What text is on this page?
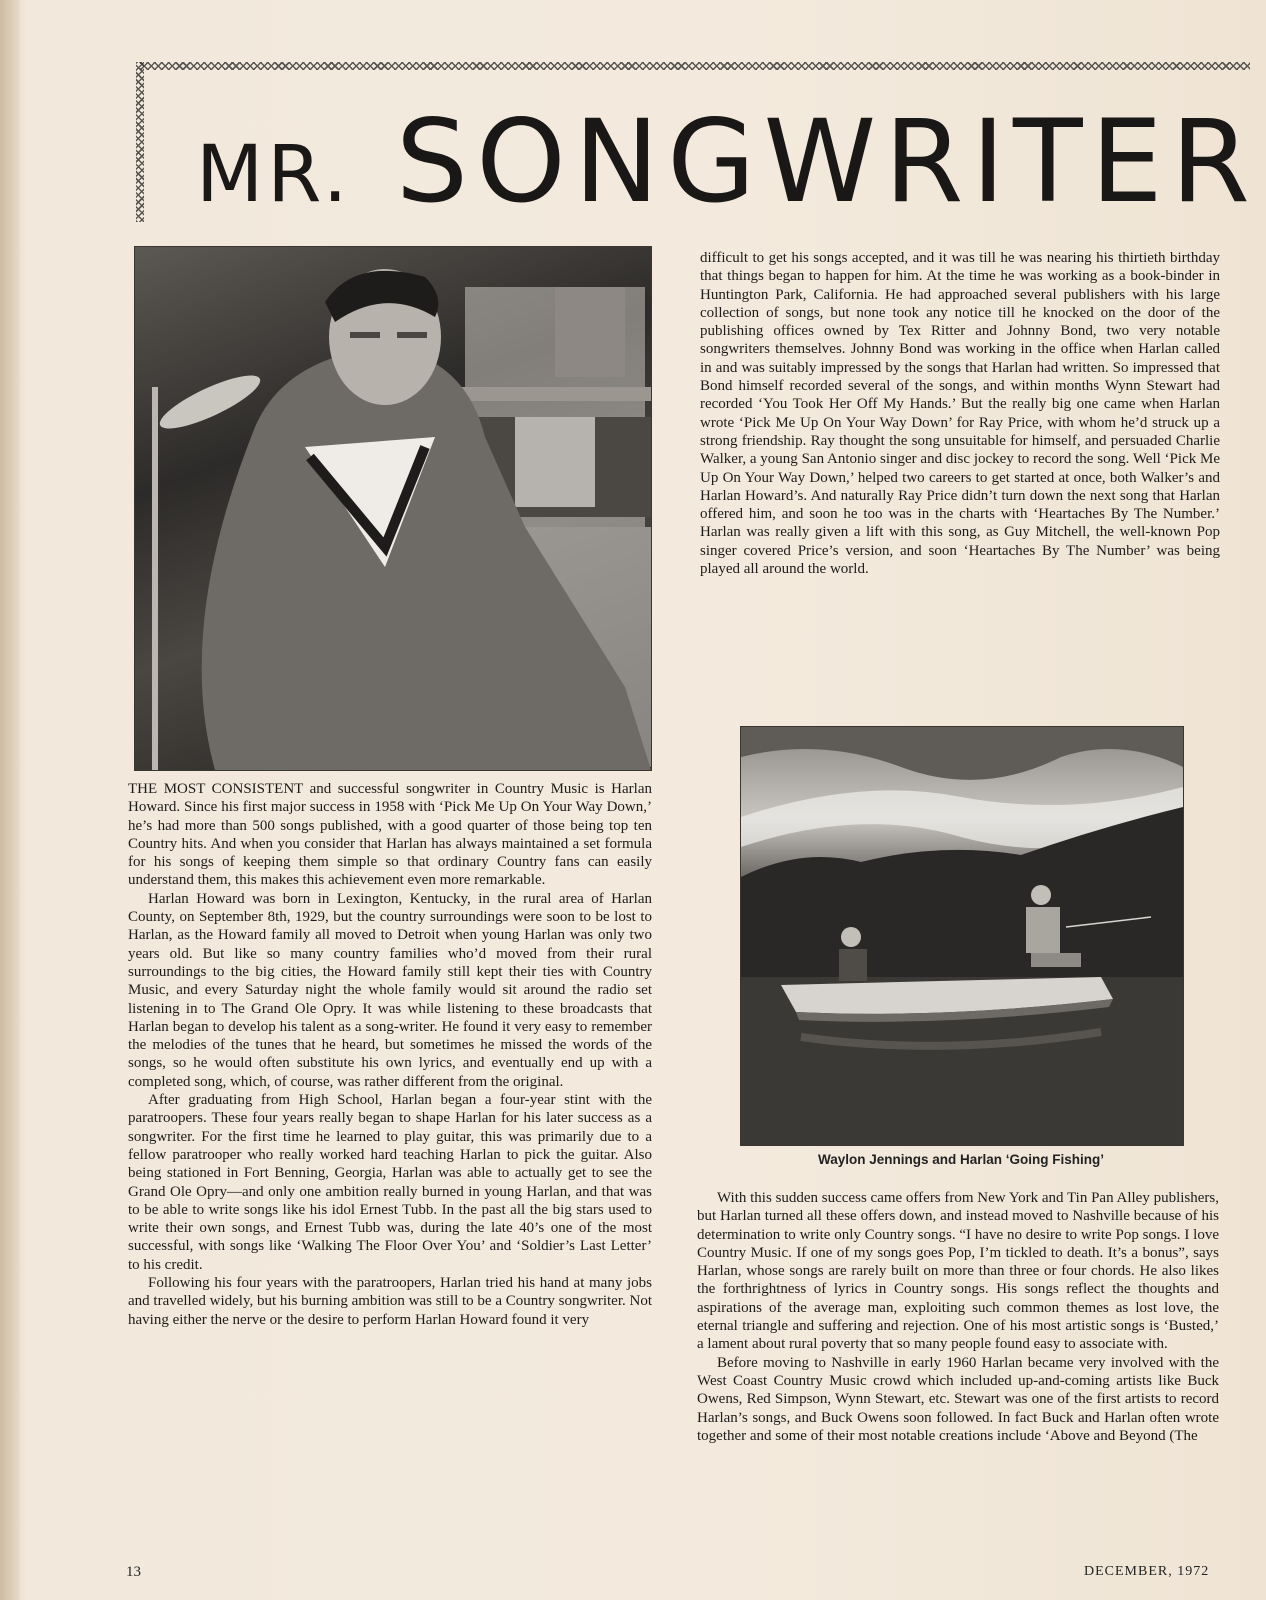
MR. SONGWRITER

THE MOST CONSISTENT and successful songwriter in Country Music is Harlan Howard. Since his first major success in 1958 with ‘Pick Me Up On Your Way Down,’ he’s had more than 500 songs published, with a good quarter of those being top ten Country hits. And when you consider that Harlan has always maintained a set formula for his songs of keeping them simple so that ordinary Country fans can easily understand them, this makes this achievement even more remarkable.

Harlan Howard was born in Lexington, Kentucky, in the rural area of Harlan County, on September 8th, 1929, but the country surroundings were soon to be lost to Harlan, as the Howard family all moved to Detroit when young Harlan was only two years old. But like so many country families who’d moved from their rural surroundings to the big cities, the Howard family still kept their ties with Country Music, and every Saturday night the whole family would sit around the radio set listening in to The Grand Ole Opry. It was while listening to these broadcasts that Harlan began to develop his talent as a song-writer. He found it very easy to remember the melodies of the tunes that he heard, but sometimes he missed the words of the songs, so he would often substitute his own lyrics, and eventually end up with a completed song, which, of course, was rather different from the original.

After graduating from High School, Harlan began a four-year stint with the paratroopers. These four years really began to shape Harlan for his later success as a songwriter. For the first time he learned to play guitar, this was primarily due to a fellow paratrooper who really worked hard teaching Harlan to pick the guitar. Also being stationed in Fort Benning, Georgia, Harlan was able to actually get to see the Grand Ole Opry—and only one ambition really burned in young Harlan, and that was to be able to write songs like his idol Ernest Tubb. In the past all the big stars used to write their own songs, and Ernest Tubb was, during the late 40’s one of the most successful, with songs like ‘Walking The Floor Over You’ and ‘Soldier’s Last Letter’ to his credit.

Following his four years with the paratroopers, Harlan tried his hand at many jobs and travelled widely, but his burning ambition was still to be a Country songwriter. Not having either the nerve or the desire to perform Harlan Howard found it very

difficult to get his songs accepted, and it was till he was nearing his thirtieth birthday that things began to happen for him. At the time he was working as a book-binder in Huntington Park, California. He had approached several publishers with his large collection of songs, but none took any notice till he knocked on the door of the publishing offices owned by Tex Ritter and Johnny Bond, two very notable songwriters themselves. Johnny Bond was working in the office when Harlan called in and was suitably impressed by the songs that Harlan had written. So impressed that Bond himself recorded several of the songs, and within months Wynn Stewart had recorded ‘You Took Her Off My Hands.’ But the really big one came when Harlan wrote ‘Pick Me Up On Your Way Down’ for Ray Price, with whom he’d struck up a strong friendship. Ray thought the song unsuitable for himself, and persuaded Charlie Walker, a young San Antonio singer and disc jockey to record the song. Well ‘Pick Me Up On Your Way Down,’ helped two careers to get started at once, both Walker’s and Harlan Howard’s. And naturally Ray Price didn’t turn down the next song that Harlan offered him, and soon he too was in the charts with ‘Heartaches By The Number.’ Harlan was really given a lift with this song, as Guy Mitchell, the well-known Pop singer covered Price’s version, and soon ‘Heartaches By The Number’ was being played all around the world.
Waylon Jennings and Harlan ‘Going Fishing’

With this sudden success came offers from New York and Tin Pan Alley publishers, but Harlan turned all these offers down, and instead moved to Nashville because of his determination to write only Country songs. “I have no desire to write Pop songs. I love Country Music. If one of my songs goes Pop, I’m tickled to death. It’s a bonus”, says Harlan, whose songs are rarely built on more than three or four chords. He also likes the forthrightness of lyrics in Country songs. His songs reflect the thoughts and aspirations of the average man, exploiting such common themes as lost love, the eternal triangle and suffering and rejection. One of his most artistic songs is ‘Busted,’ a lament about rural poverty that so many people found easy to associate with.

Before moving to Nashville in early 1960 Harlan became very involved with the West Coast Country Music crowd which included up-and-coming artists like Buck Owens, Red Simpson, Wynn Stewart, etc. Stewart was one of the first artists to record Harlan’s songs, and Buck Owens soon followed. In fact Buck and Harlan often wrote together and some of their most notable creations include ‘Above and Beyond (The

13	DECEMBER, 1972
